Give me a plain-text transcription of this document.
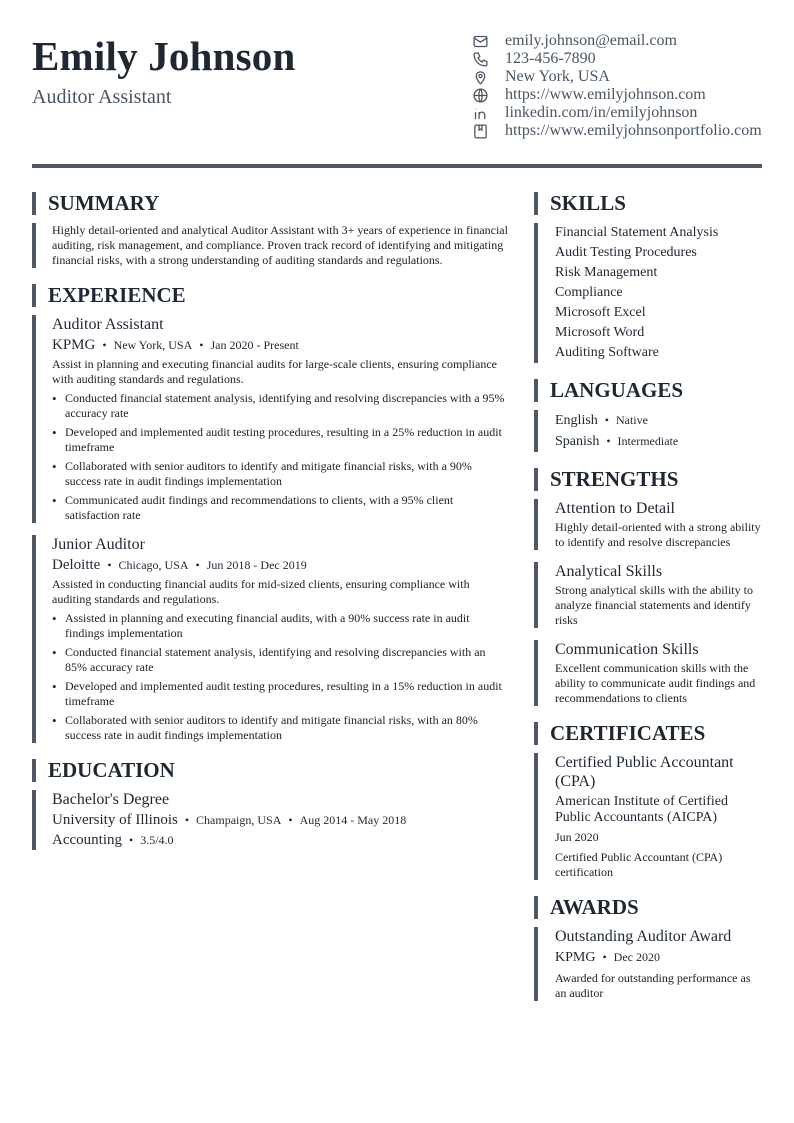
Emily Johnson
Auditor Assistant
emily.johnson@email.com
123-456-7890
New York, USA
https://www.emilyjohnson.com
linkedin.com/in/emilyjohnson
https://www.emilyjohnsonportfolio.com
SUMMARY
Highly detail-oriented and analytical Auditor Assistant with 3+ years of experience in financial auditing, risk management, and compliance. Proven track record of identifying and mitigating financial risks, with a strong understanding of auditing standards and regulations.
EXPERIENCE
Auditor Assistant
KPMG • New York, USA • Jan 2020 - Present
Assist in planning and executing financial audits for large-scale clients, ensuring compliance with auditing standards and regulations.
• Conducted financial statement analysis, identifying and resolving discrepancies with a 95% accuracy rate
• Developed and implemented audit testing procedures, resulting in a 25% reduction in audit timeframe
• Collaborated with senior auditors to identify and mitigate financial risks, with a 90% success rate in audit findings implementation
• Communicated audit findings and recommendations to clients, with a 95% client satisfaction rate
Junior Auditor
Deloitte • Chicago, USA • Jun 2018 - Dec 2019
Assisted in conducting financial audits for mid-sized clients, ensuring compliance with auditing standards and regulations.
• Assisted in planning and executing financial audits, with a 90% success rate in audit findings implementation
• Conducted financial statement analysis, identifying and resolving discrepancies with an 85% accuracy rate
• Developed and implemented audit testing procedures, resulting in a 15% reduction in audit timeframe
• Collaborated with senior auditors to identify and mitigate financial risks, with an 80% success rate in audit findings implementation
EDUCATION
Bachelor's Degree
University of Illinois • Champaign, USA • Aug 2014 - May 2018
Accounting • 3.5/4.0
SKILLS
Financial Statement Analysis
Audit Testing Procedures
Risk Management
Compliance
Microsoft Excel
Microsoft Word
Auditing Software
LANGUAGES
English • Native
Spanish • Intermediate
STRENGTHS
Attention to Detail
Highly detail-oriented with a strong ability to identify and resolve discrepancies
Analytical Skills
Strong analytical skills with the ability to analyze financial statements and identify risks
Communication Skills
Excellent communication skills with the ability to communicate audit findings and recommendations to clients
CERTIFICATES
Certified Public Accountant (CPA)
American Institute of Certified Public Accountants (AICPA)
Jun 2020
Certified Public Accountant (CPA) certification
AWARDS
Outstanding Auditor Award
KPMG • Dec 2020
Awarded for outstanding performance as an auditor
